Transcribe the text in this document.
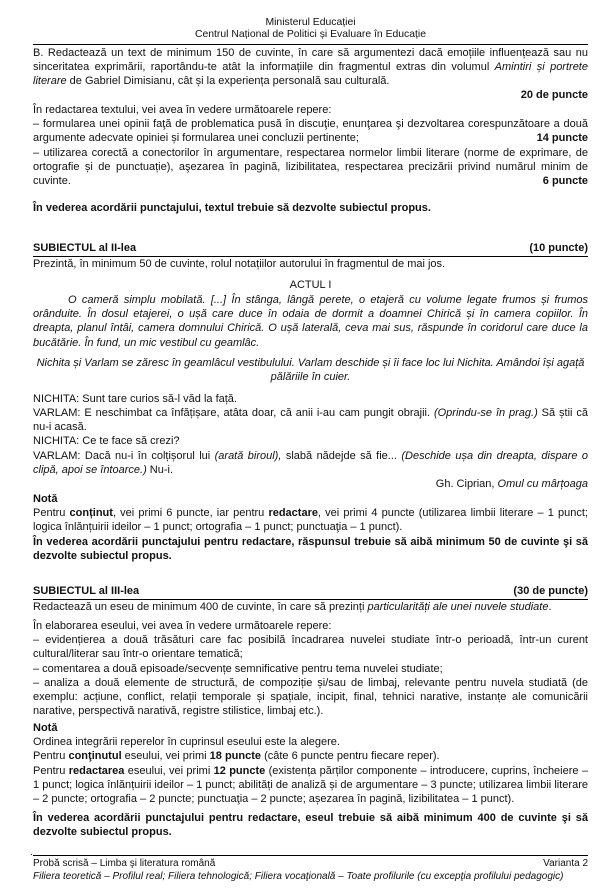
Ministerul Educației
Centrul Național de Politici și Evaluare în Educație
B. Redactează un text de minimum 150 de cuvinte, în care să argumentezi dacă emoțiile influențează sau nu sinceritatea exprimării, raportându-te atât la informațiile din fragmentul extras din volumul Amintiri și portrete literare de Gabriel Dimisianu, cât și la experiența personală sau culturală.
20 de puncte
În redactarea textului, vei avea în vedere următoarele repere:
– formularea unei opinii faţă de problematica pusă în discuţie, enunţarea şi dezvoltarea corespunzătoare a două argumente adecvate opiniei și formularea unei concluzii pertinente;	14 puncte
– utilizarea corectă a conectorilor în argumentare, respectarea normelor limbii literare (norme de exprimare, de ortografie și de punctuație), aşezarea în pagină, lizibilitatea, respectarea precizării privind numărul minim de cuvinte.	6 puncte
În vederea acordării punctajului, textul trebuie să dezvolte subiectul propus.
SUBIECTUL al II-lea	(10 puncte)
Prezintă, în minimum 50 de cuvinte, rolul notațiilor autorului în fragmentul de mai jos.
ACTUL I
O cameră simplu mobilată. [...] În stânga, lângă perete, o etajeră cu volume legate frumos și frumos orânduite. În dosul etajerei, o ușă care duce în odaia de dormit a doamnei Chirică și în camera copiilor. În dreapta, planul întâi, camera domnului Chirică. O ușă laterală, ceva mai sus, răspunde în coridorul care duce la bucătărie. În fund, un mic vestibul cu geamlâc.
Nichita și Varlam se zăresc în geamlâcul vestibulului. Varlam deschide și îi face loc lui Nichita. Amândoi își agață pălăriile în cuier.
NICHITA: Sunt tare curios să-l văd la față.
VARLAM: E neschimbat ca înfățișare, atâta doar, că anii i-au cam pungit obrajii. (Oprindu-se în prag.) Să știi că nu-i acasă.
NICHITA: Ce te face să crezi?
VARLAM: Dacă nu-i în colțișorul lui (arată biroul), slabă nădejde să fie... (Deschide ușa din dreapta, dispare o clipă, apoi se întoarce.) Nu-i.
Gh. Ciprian, Omul cu mârțoaga
Notă
Pentru conținut, vei primi 6 puncte, iar pentru redactare, vei primi 4 puncte (utilizarea limbii literare – 1 punct; logica înlănțuirii ideilor – 1 punct; ortografia – 1 punct; punctuaţia – 1 punct).
În vederea acordării punctajului pentru redactare, răspunsul trebuie să aibă minimum 50 de cuvinte şi să dezvolte subiectul propus.
SUBIECTUL al III-lea	(30 de puncte)
Redactează un eseu de minimum 400 de cuvinte, în care să prezinți particularități ale unei nuvele studiate.
În elaborarea eseului, vei avea în vedere următoarele repere:
– evidențierea a două trăsături care fac posibilă încadrarea nuvelei studiate într-o perioadă, într-un curent cultural/literar sau într-o orientare tematică;
– comentarea a două episoade/secvențe semnificative pentru tema nuvelei studiate;
– analiza a două elemente de structură, de compoziție și/sau de limbaj, relevante pentru nuvela studiată (de exemplu: acțiune, conflict, relații temporale și spațiale, incipit, final, tehnici narative, instanțe ale comunicării narative, perspectivă narativă, registre stilistice, limbaj etc.).
Notă
Ordinea integrării reperelor în cuprinsul eseului este la alegere.
Pentru conţinutul eseului, vei primi 18 puncte (câte 6 puncte pentru fiecare reper).
Pentru redactarea eseului, vei primi 12 puncte (existența părților componente – introducere, cuprins, încheiere – 1 punct; logica înlănțuirii ideilor – 1 punct; abilități de analiză și de argumentare – 3 puncte; utilizarea limbii literare – 2 puncte; ortografia – 2 puncte; punctuaţia – 2 puncte; așezarea în pagină, lizibilitatea – 1 punct).
În vederea acordării punctajului pentru redactare, eseul trebuie să aibă minimum 400 de cuvinte şi să dezvolte subiectul propus.
.
Probă scrisă – Limba şi literatura română	Varianta 2
Filiera teoretică – Profilul real; Filiera tehnologică; Filiera vocaţională – Toate profilurile (cu excepţia profilului pedagogic)
